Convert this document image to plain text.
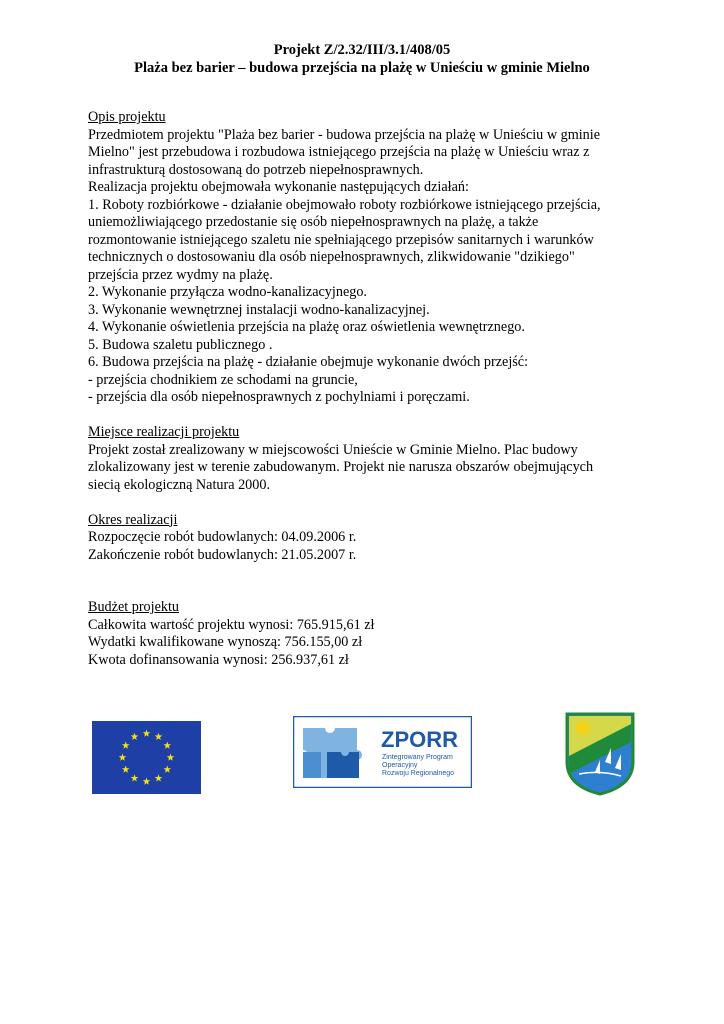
Projekt Z/2.32/III/3.1/408/05
Plaża bez barier – budowa przejścia na plażę w Unieściu w gminie Mielno
Opis projektu
Przedmiotem projektu "Plaża bez barier - budowa przejścia na plażę w Unieściu w gminie
Mielno" jest przebudowa i rozbudowa istniejącego przejścia na plażę w Unieściu wraz z
infrastrukturą dostosowaną do potrzeb niepełnosprawnych.
Realizacja projektu obejmowała wykonanie następujących działań:
1. Roboty rozbiórkowe - działanie obejmowało roboty rozbiórkowe istniejącego przejścia,
uniemożliwiającego przedostanie się osób niepełnosprawnych na plażę, a także
rozmontowanie istniejącego szaletu nie spełniającego przepisów sanitarnych i warunków
technicznych o dostosowaniu dla osób niepełnosprawnych, zlikwidowanie "dzikiego"
przejścia przez wydmy na plażę.
2. Wykonanie przyłącza wodno-kanalizacyjnego.
3. Wykonanie wewnętrznej instalacji wodno-kanalizacyjnej.
4. Wykonanie oświetlenia przejścia na plażę oraz oświetlenia wewnętrznego.
5. Budowa szaletu publicznego .
6. Budowa przejścia na plażę - działanie obejmuje wykonanie dwóch przejść:
- przejścia chodnikiem ze schodami na gruncie,
- przejścia dla osób niepełnosprawnych z pochylniami i poręczami.
Miejsce realizacji projektu
Projekt został zrealizowany w miejscowości Unieście w Gminie Mielno. Plac budowy
zlokalizowany jest w terenie zabudowanym. Projekt nie narusza obszarów obejmujących
siecią ekologiczną Natura 2000.
Okres realizacji
Rozpoczęcie robót budowlanych: 04.09.2006 r.
Zakończenie robót budowlanych: 21.05.2007 r.
Budżet projektu
Całkowita wartość projektu wynosi: 765.915,61 zł
Wydatki kwalifikowane wynoszą: 756.155,00 zł
Kwota dofinansowania wynosi: 256.937,61 zł
ZPORR
Zintegrowany Program
Operacyjny
Rozwoju Regionalnego
